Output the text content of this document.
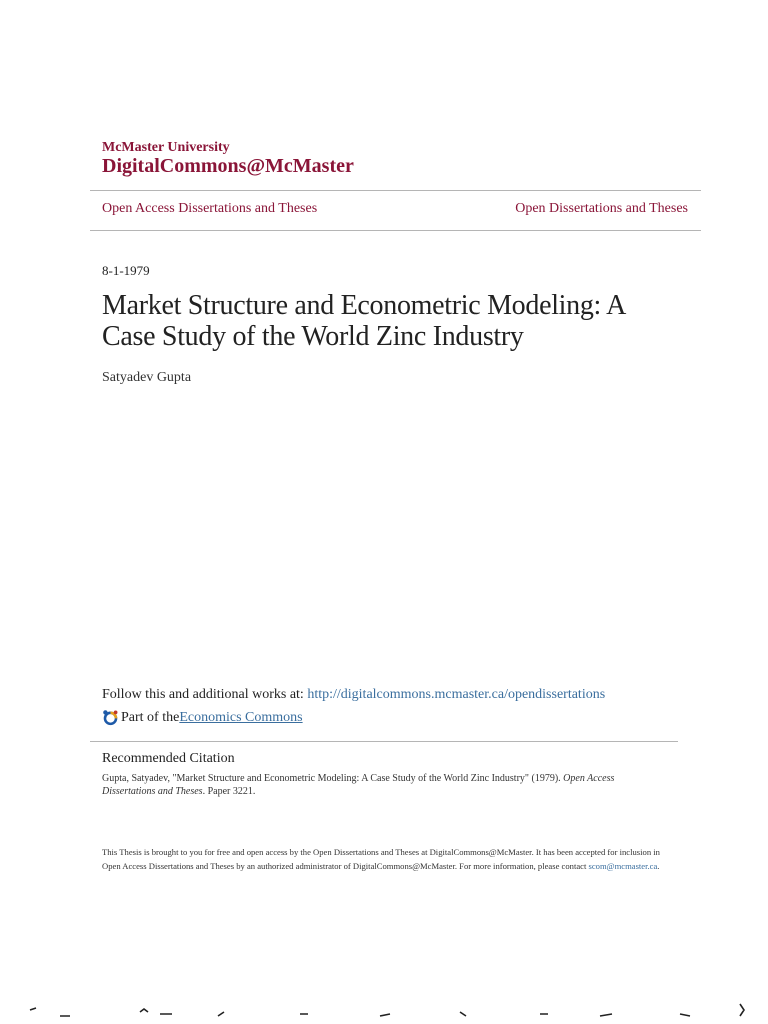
McMaster University
DigitalCommons@McMaster
Open Access Dissertations and Theses	Open Dissertations and Theses
8-1-1979
Market Structure and Econometric Modeling: A Case Study of the World Zinc Industry
Satyadev Gupta
Follow this and additional works at: http://digitalcommons.mcmaster.ca/opendissertations
Part of the Economics Commons
Recommended Citation
Gupta, Satyadev, "Market Structure and Econometric Modeling: A Case Study of the World Zinc Industry" (1979). Open Access Dissertations and Theses. Paper 3221.
This Thesis is brought to you for free and open access by the Open Dissertations and Theses at DigitalCommons@McMaster. It has been accepted for inclusion in Open Access Dissertations and Theses by an authorized administrator of DigitalCommons@McMaster. For more information, please contact scom@mcmaster.ca.
